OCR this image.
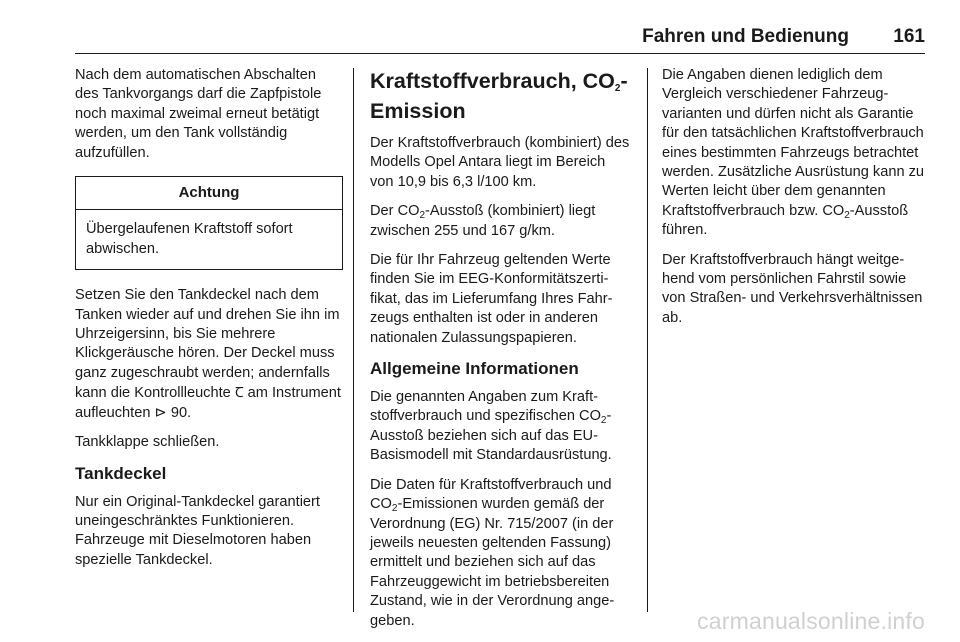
Fahren und Bedienung 161

Nach dem automatischen Abschalten des Tankvorgangs darf die Zapfpistole noch maximal zweimal erneut betätigt werden, um den Tank vollständig aufzufüllen.

Achtung
Übergelaufenen Kraftstoff sofort abwischen.

Setzen Sie den Tankdeckel nach dem Tanken wieder auf und drehen Sie ihn im Uhrzeigersinn, bis Sie mehrere Klickgeräusche hören. Der Deckel muss ganz zugeschraubt werden; andernfalls kann die Kontrollleuchte Ꞇ am Instrument aufleuchten ⊳ 90.

Tankklappe schließen.

Tankdeckel

Nur ein Original-Tankdeckel garantiert uneingeschränktes Funktionieren. Fahrzeuge mit Dieselmotoren haben spezielle Tankdeckel.

Kraftstoffverbrauch, $CO_2-$
Emission

Der Kraftstoffverbrauch (kombiniert) des Modells Opel Antara liegt im Bereich von 10,9 bis 6,3 l/100 km.

Der $CO_2$-Ausstoß (kombiniert) liegt zwischen 255 und 167 g/km.

Die für Ihr Fahrzeug geltenden Werte finden Sie im EEG-Konformitätszertifikat, das im Lieferumfang Ihres Fahrzeugs enthalten ist oder in anderen nationalen Zulassungspapieren.

Allgemeine Informationen

Die genannten Angaben zum Kraftstoffverbrauch und spezifischen $CO_2$-Ausstoß beziehen sich auf das EU-Basismodell mit Standardausrüstung.

Die Daten für Kraftstoffverbrauch und $CO_2$-Emissionen wurden gemäß der Verordnung (EG) Nr. 715/2007 (in der jeweils neuesten geltenden Fassung) ermittelt und beziehen sich auf das Fahrzeuggewicht im betriebsbereiten Zustand, wie in der Verordnung angegeben.

Die Angaben dienen lediglich dem Vergleich verschiedener Fahrzeugvarianten und dürfen nicht als Garantie für den tatsächlichen Kraftstoffverbrauch eines bestimmten Fahrzeugs betrachtet werden. Zusätzliche Ausrüstung kann zu Werten leicht über dem genannten Kraftstoffverbrauch bzw. $CO_2$-Ausstoß führen.

Der Kraftstoffverbrauch hängt weitgehend vom persönlichen Fahrstil sowie von Straßen- und Verkehrsverhältnissen ab.

carmanualsonline.info
